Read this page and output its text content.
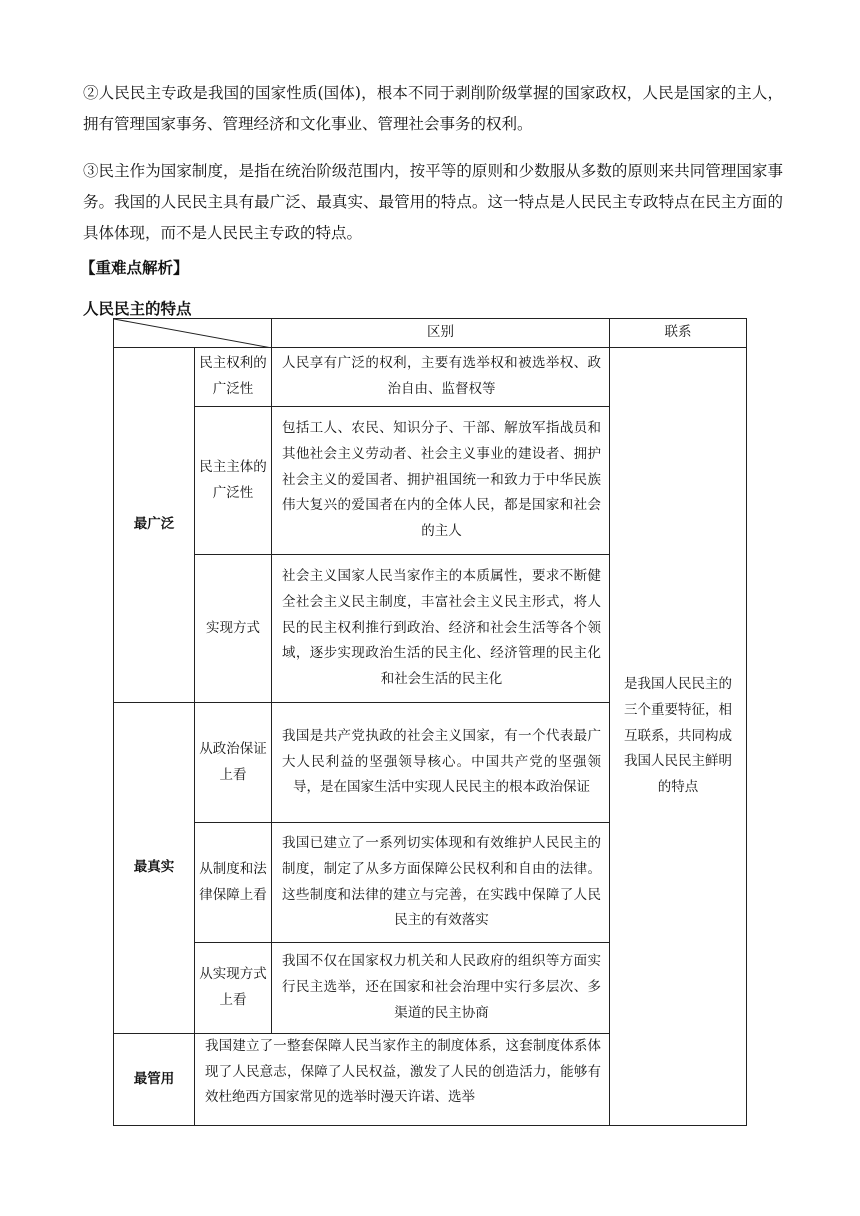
②人民民主专政是我国的国家性质(国体)，根本不同于剥削阶级掌握的国家政权，人民是国家的主人，拥有管理国家事务、管理经济和文化事业、管理社会事务的权利。
③民主作为国家制度，是指在统治阶级范围内，按平等的原则和少数服从多数的原则来共同管理国家事务。我国的人民民主具有最广泛、最真实、最管用的特点。这一特点是人民民主专政特点在民主方面的具体体现，而不是人民民主专政的特点。
【重难点解析】
人民民主的特点
	区别	联系
最广泛	民主权利的广泛性	人民享有广泛的权利，主要有选举权和被选举权、政治自由、监督权等	是我国人民民主的三个重要特征，相互联系，共同构成我国人民民主鲜明的特点
	民主主体的广泛性	包括工人、农民、知识分子、干部、解放军指战员和其他社会主义劳动者、社会主义事业的建设者、拥护社会主义的爱国者、拥护祖国统一和致力于中华民族伟大复兴的爱国者在内的全体人民，都是国家和社会的主人	
	实现方式	社会主义国家人民当家作主的本质属性，要求不断健全社会主义民主制度，丰富社会主义民主形式，将人民的民主权利推行到政治、经济和社会生活等各个领域，逐步实现政治生活的民主化、经济管理的民主化和社会生活的民主化	
最真实	从政治保证上看	我国是共产党执政的社会主义国家，有一个代表最广大人民利益的坚强领导核心。中国共产党的坚强领导，是在国家生活中实现人民民主的根本政治保证	
	从制度和法律保障上看	我国已建立了一系列切实体现和有效维护人民民主的制度，制定了从多方面保障公民权利和自由的法律。这些制度和法律的建立与完善，在实践中保障了人民民主的有效落实	
	从实现方式上看	我国不仅在国家权力机关和人民政府的组织等方面实行民主选举，还在国家和社会治理中实行多层次、多渠道的民主协商	
最管用	我国建立了一整套保障人民当家作主的制度体系，这套制度体系体现了人民意志，保障了人民权益，激发了人民的创造活力，能够有效杜绝西方国家常见的选举时漫天许诺、选举		
